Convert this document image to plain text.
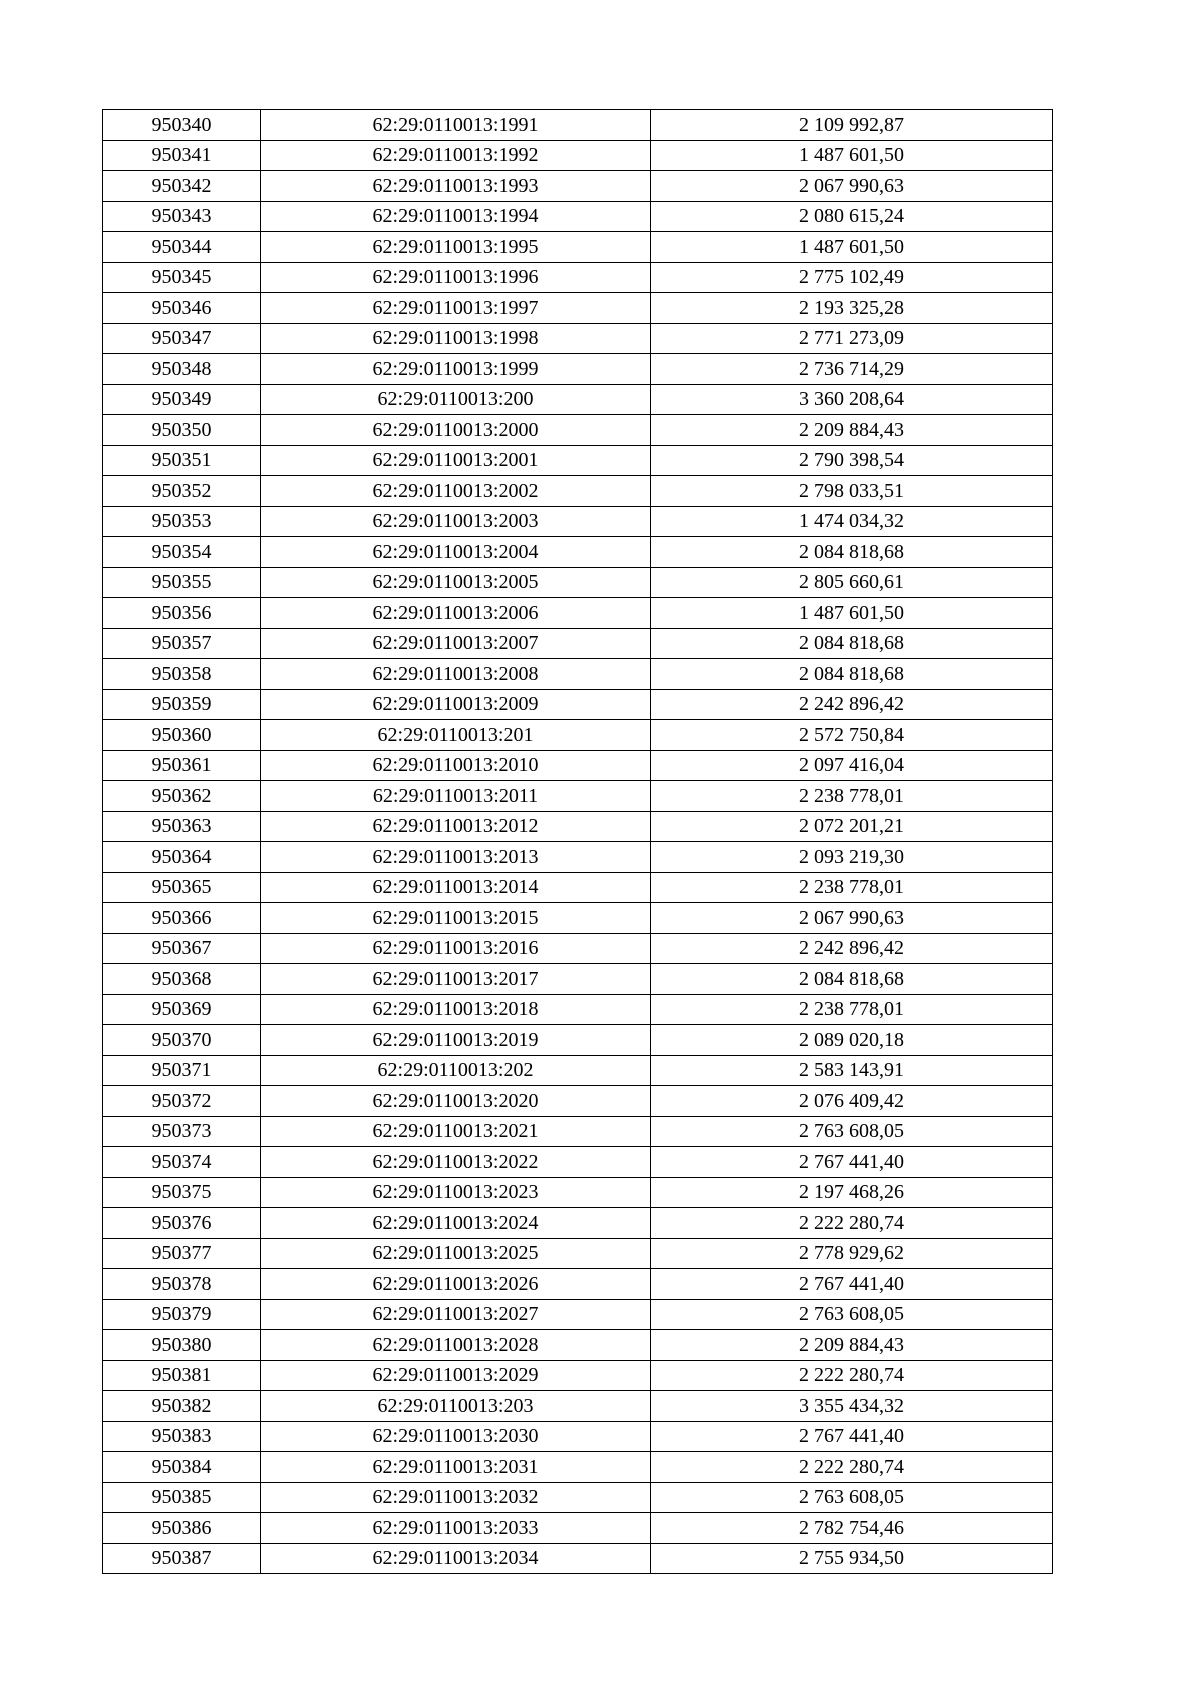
950340	62:29:0110013:1991	2 109 992,87
950341	62:29:0110013:1992	1 487 601,50
950342	62:29:0110013:1993	2 067 990,63
950343	62:29:0110013:1994	2 080 615,24
950344	62:29:0110013:1995	1 487 601,50
950345	62:29:0110013:1996	2 775 102,49
950346	62:29:0110013:1997	2 193 325,28
950347	62:29:0110013:1998	2 771 273,09
950348	62:29:0110013:1999	2 736 714,29
950349	62:29:0110013:200	3 360 208,64
950350	62:29:0110013:2000	2 209 884,43
950351	62:29:0110013:2001	2 790 398,54
950352	62:29:0110013:2002	2 798 033,51
950353	62:29:0110013:2003	1 474 034,32
950354	62:29:0110013:2004	2 084 818,68
950355	62:29:0110013:2005	2 805 660,61
950356	62:29:0110013:2006	1 487 601,50
950357	62:29:0110013:2007	2 084 818,68
950358	62:29:0110013:2008	2 084 818,68
950359	62:29:0110013:2009	2 242 896,42
950360	62:29:0110013:201	2 572 750,84
950361	62:29:0110013:2010	2 097 416,04
950362	62:29:0110013:2011	2 238 778,01
950363	62:29:0110013:2012	2 072 201,21
950364	62:29:0110013:2013	2 093 219,30
950365	62:29:0110013:2014	2 238 778,01
950366	62:29:0110013:2015	2 067 990,63
950367	62:29:0110013:2016	2 242 896,42
950368	62:29:0110013:2017	2 084 818,68
950369	62:29:0110013:2018	2 238 778,01
950370	62:29:0110013:2019	2 089 020,18
950371	62:29:0110013:202	2 583 143,91
950372	62:29:0110013:2020	2 076 409,42
950373	62:29:0110013:2021	2 763 608,05
950374	62:29:0110013:2022	2 767 441,40
950375	62:29:0110013:2023	2 197 468,26
950376	62:29:0110013:2024	2 222 280,74
950377	62:29:0110013:2025	2 778 929,62
950378	62:29:0110013:2026	2 767 441,40
950379	62:29:0110013:2027	2 763 608,05
950380	62:29:0110013:2028	2 209 884,43
950381	62:29:0110013:2029	2 222 280,74
950382	62:29:0110013:203	3 355 434,32
950383	62:29:0110013:2030	2 767 441,40
950384	62:29:0110013:2031	2 222 280,74
950385	62:29:0110013:2032	2 763 608,05
950386	62:29:0110013:2033	2 782 754,46
950387	62:29:0110013:2034	2 755 934,50
